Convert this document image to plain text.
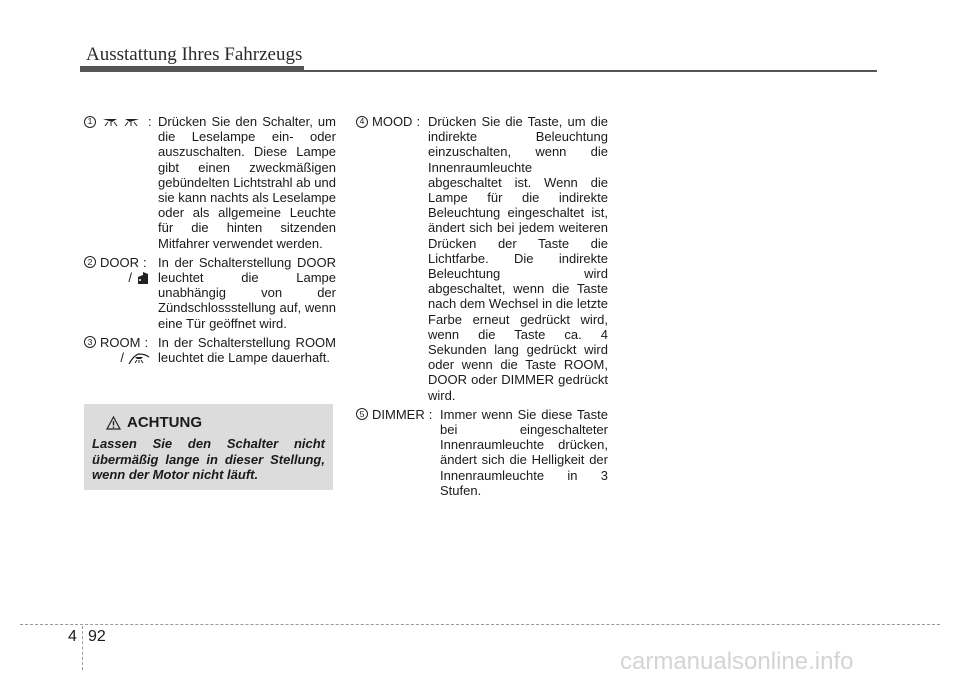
Ausstattung Ihres Fahrzeugs
1	: Drücken Sie den Schalter, um die Leselampe ein- oder auszuschalten. Diese Lampe gibt einen zweckmäßigen gebündelten Lichtstrahl ab und sie kann nachts als Leselampe oder als allgemeine Leuchte für die hinten sitzenden Mitfahrer verwendet werden.
2 DOOR :
/
In der Schalterstellung DOOR leuchtet die Lampe unabhängig von der Zündschlossstellung auf, wenn eine Tür geöffnet wird.
3 ROOM :
/
In der Schalterstellung ROOM leuchtet die Lampe dauerhaft.
ACHTUNG
Lassen Sie den Schalter nicht übermäßig lange in dieser Stellung, wenn der Motor nicht läuft.
4 MOOD : Drücken Sie die Taste, um die indirekte Beleuchtung einzuschalten, wenn die Innenraumleuchte abgeschaltet ist. Wenn die Lampe für die indirekte Beleuchtung eingeschaltet ist, ändert sich bei jedem weiteren Drücken der Taste die Lichtfarbe. Die indirekte Beleuchtung wird abgeschaltet, wenn die Taste nach dem Wechsel in die letzte Farbe erneut gedrückt wird, wenn die Taste ca. 4 Sekunden lang gedrückt wird oder wenn die Taste ROOM, DOOR oder DIMMER gedrückt wird.
5 DIMMER : Immer wenn Sie diese Taste bei eingeschalteter Innenraumleuchte drücken, ändert sich die Helligkeit der Innenraumleuchte in 3 Stufen.
4 92
carmanualsonline.info
